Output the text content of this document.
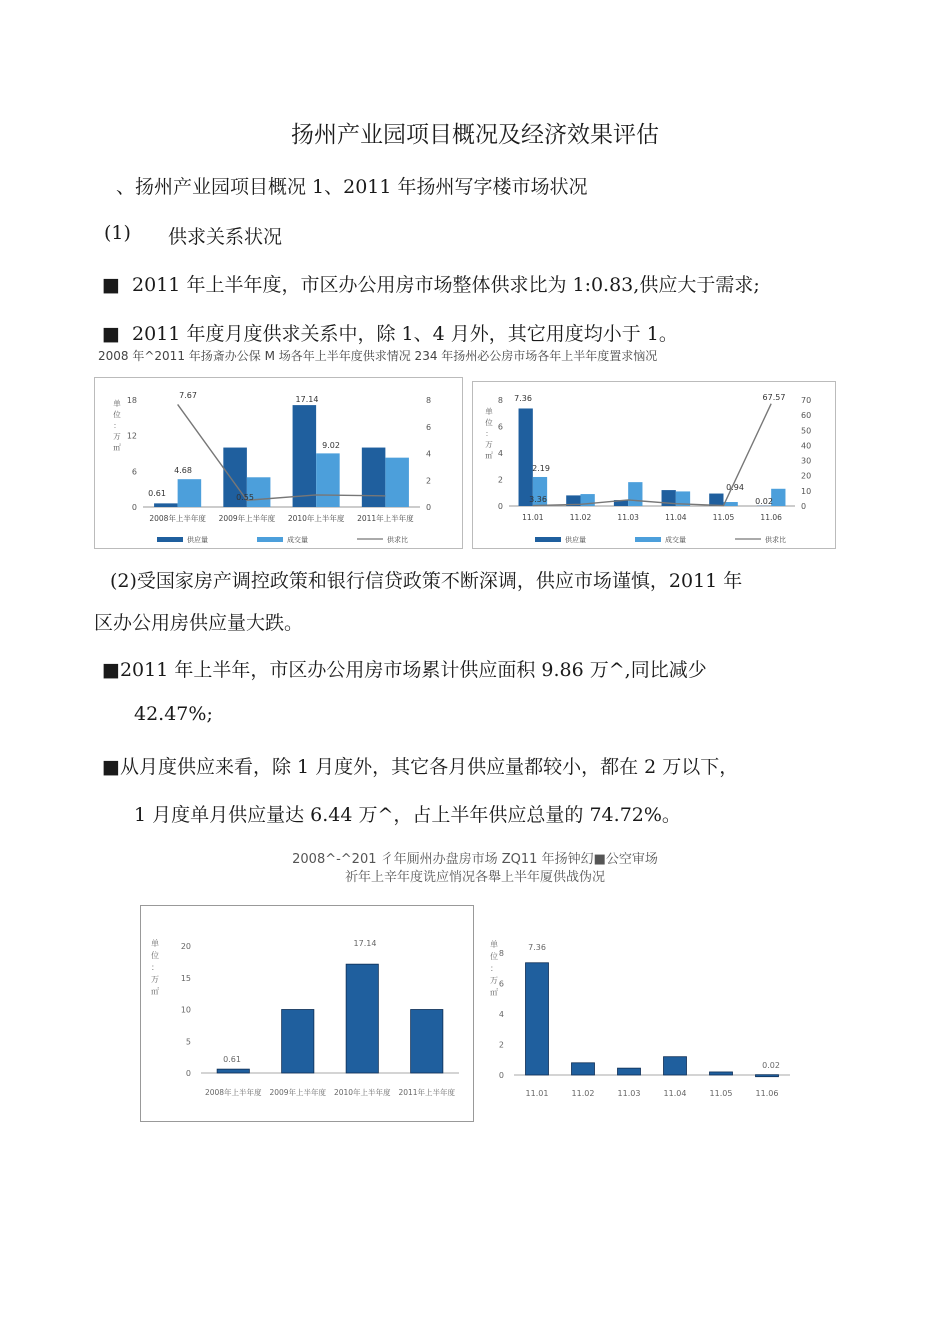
扬州产业园项目概况及经济效果评估
、扬州产业园项目概况 1、2011 年扬州写字楼市场状况
(1) 供求关系状况
■ 2011 年上半年度，市区办公用房市场整体供求比为 1:0.83,供应大于需求;
■ 2011 年度月度供求关系中，除 1、4 月外，其它用度均小于 1。
2008 年^2011 年扬斎办公保 M 场各年上半年度供求情况 234 年扬州必公房市场各年上半年度置求恼况
0
6
12
18
0
2
4
6
8
2008年上半年度 2009年上半年度 2010年上半年度 2011年上半年度
7.67
4.68
0.61
17.14
9.02
0.55
单
位
：
万
㎡
供应量	成交量	供求比
0
2
4
6
8
0
10
20
30
40
50
60
70
11.01	11.02	11.03	11.04	11.05	11.06
7.36
2.19
3.36
0.94
0.02
67.57
单
位
：
万
㎡
供应量	成交量	供求比
(2)受国家房产调控政策和银行信贷政策不断深调，供应市场谨慎，2011 年
区办公用房供应量大跌。
■2011 年上半年，市区办公用房市场累计供应面积 9.86 万^,同比减少
42.47%;
■从月度供应来看，除 1 月度外，其它各月供应量都较小，都在 2 万以下，
1 月度单月供应量达 6.44 万^，占上半年供应总量的 74.72%。
2008^-^201 彳年厠州办盘房市场 ZQ11 年扬钟幻■公空审场
祈年上辛年度诜应悄况各舉上半年厦供战伪况
0
5
10
15
20
2008年上半年度 2009年上半年度 2010年上半年度 2011年上半年度
0.61
17.14
单
位
：
万
㎡
0
2
4
6
8
11.01	11.02	11.03	11.04	11.05	11.06
7.36
0.02
单
位
：
万
㎡
